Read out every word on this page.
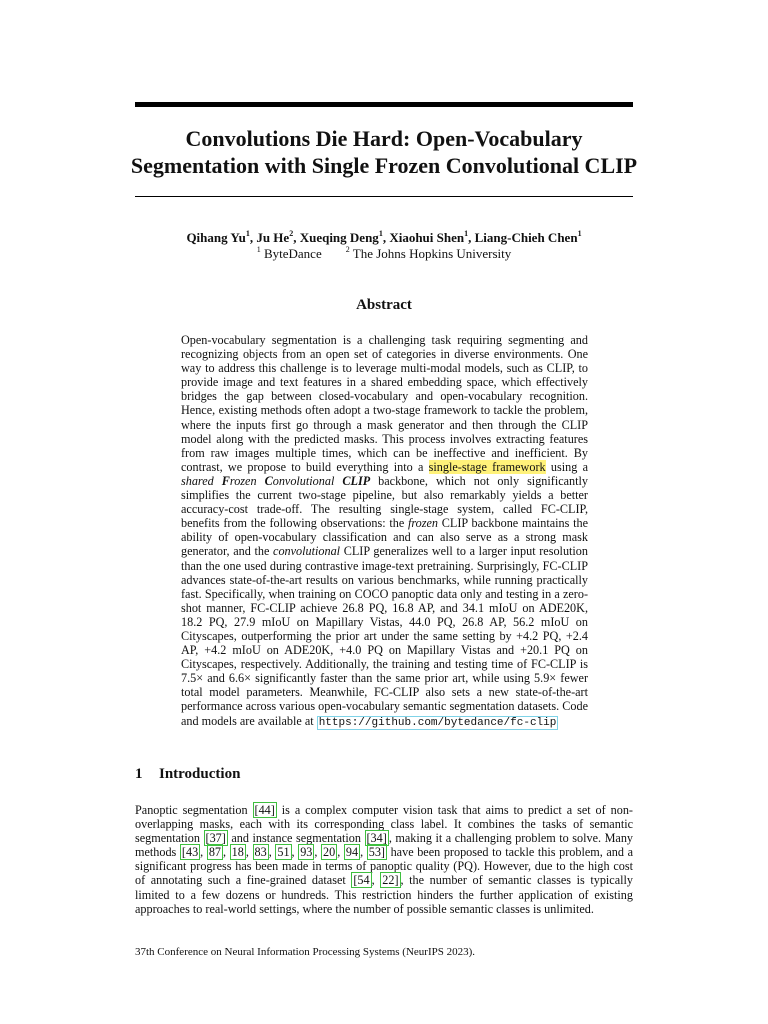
Convolutions Die Hard: Open-Vocabulary
Segmentation with Single Frozen Convolutional CLIP
Qihang Yu$^1$, Ju He$^2$, Xueqing Deng$^1$, Xiaohui Shen$^1$, Liang-Chieh Chen$^1$
$^1$ ByteDance	$^2$ The Johns Hopkins University
Abstract
Open-vocabulary segmentation is a challenging task requiring segmenting and recognizing objects from an open set of categories in diverse environments. One way to address this challenge is to leverage multi-modal models, such as CLIP, to provide image and text features in a shared embedding space, which effectively bridges the gap between closed-vocabulary and open-vocabulary recognition. Hence, existing methods often adopt a two-stage framework to tackle the problem, where the inputs first go through a mask generator and then through the CLIP model along with the predicted masks. This process involves extracting features from raw images multiple times, which can be ineffective and inefficient. By contrast, we propose to build everything into a single-stage framework using a shared Frozen Convolutional CLIP backbone, which not only significantly simplifies the current two-stage pipeline, but also remarkably yields a better accuracy-cost trade-off. The resulting single-stage system, called FC-CLIP, benefits from the following observations: the frozen CLIP backbone maintains the ability of open-vocabulary classification and can also serve as a strong mask generator, and the convolutional CLIP generalizes well to a larger input resolution than the one used during contrastive image-text pretraining. Surprisingly, FC-CLIP advances state-of-the-art results on various benchmarks, while running practically fast. Specifically, when training on COCO panoptic data only and testing in a zero-shot manner, FC-CLIP achieve 26.8 PQ, 16.8 AP, and 34.1 mIoU on ADE20K, 18.2 PQ, 27.9 mIoU on Mapillary Vistas, 44.0 PQ, 26.8 AP, 56.2 mIoU on Cityscapes, outperforming the prior art under the same setting by +4.2 PQ, +2.4 AP, +4.2 mIoU on ADE20K, +4.0 PQ on Mapillary Vistas and +20.1 PQ on Cityscapes, respectively. Additionally, the training and testing time of FC-CLIP is 7.5× and 6.6× significantly faster than the same prior art, while using 5.9× fewer total model parameters. Meanwhile, FC-CLIP also sets a new state-of-the-art performance across various open-vocabulary semantic segmentation datasets. Code and models are available at https://github.com/bytedance/fc-clip
1 Introduction
Panoptic segmentation [44] is a complex computer vision task that aims to predict a set of non-overlapping masks, each with its corresponding class label. It combines the tasks of semantic segmentation [37] and instance segmentation [34] , making it a challenging problem to solve. Many methods [43 , 87 , 18 , 83 , 51 , 93 , 20 , 94 , 53] have been proposed to tackle this problem, and a significant progress has been made in terms of panoptic quality (PQ). However, due to the high cost of annotating such a fine-grained dataset [54 , 22] , the number of semantic classes is typically limited to a few dozens or hundreds. This restriction hinders the further application of existing approaches to real-world settings, where the number of possible semantic classes is unlimited.
37th Conference on Neural Information Processing Systems (NeurIPS 2023).
